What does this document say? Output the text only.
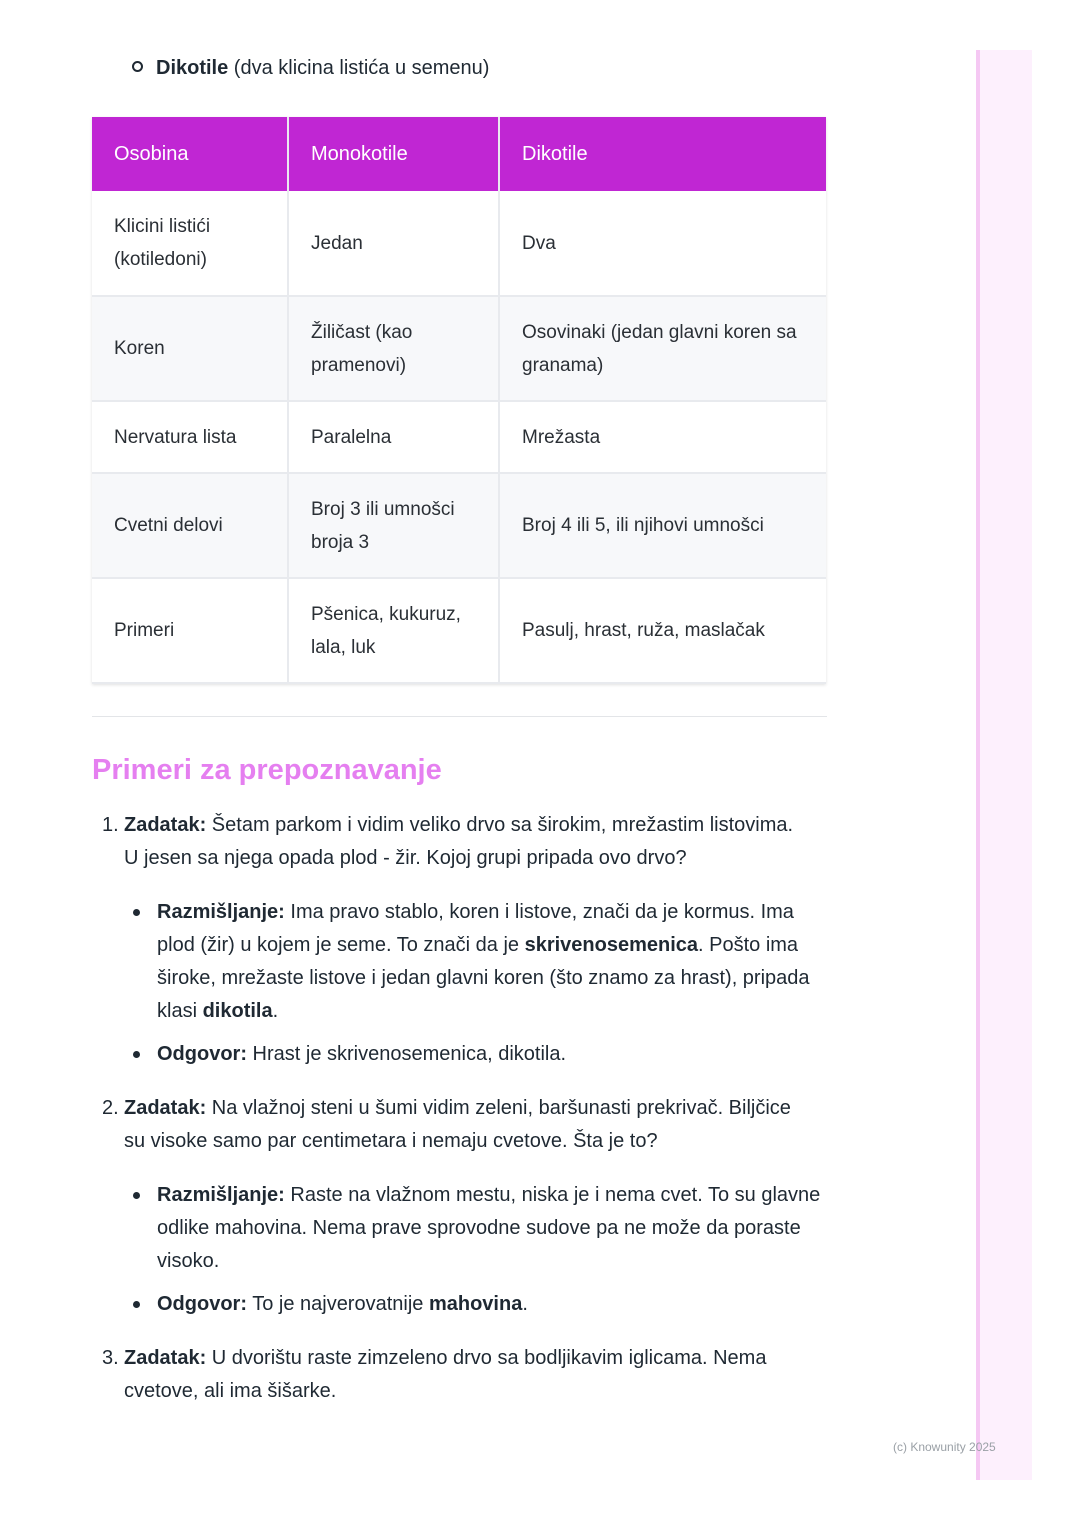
Dikotile (dva klicina listića u semenu)
Osobina	Monokotile	Dikotile
Klicini listići (kotiledoni)	Jedan	Dva
Koren	Žiličast (kao pramenovi)	Osovinaki (jedan glavni koren sa granama)
Nervatura lista	Paralelna	Mrežasta
Cvetni delovi	Broj 3 ili umnošci broja 3	Broj 4 ili 5, ili njihovi umnošci
Primeri	Pšenica, kukuruz, lala, luk	Pasulj, hrast, ruža, maslačak
Primeri za prepoznavanje

1. Zadatak: Šetam parkom i vidim veliko drvo sa širokim, mrežastim listovima.
U jesen sa njega opada plod - žir. Kojoj grupi pripada ovo drvo?

Razmišljanje: Ima pravo stablo, koren i listove, znači da je kormus. Ima plod (žir) u kojem je seme. To znači da je skrivenosemenica. Pošto ima široke, mrežaste listove i jedan glavni koren (što znamo za hrast), pripada klasi dikotila.
Odgovor: Hrast je skrivenosemenica, dikotila.

2. Zadatak: Na vlažnoj steni u šumi vidim zeleni, baršunasti prekrivač. Biljčice
su visoke samo par centimetara i nemaju cvetove. Šta je to?

Razmišljanje: Raste na vlažnom mestu, niska je i nema cvet. To su glavne odlike mahovina. Nema prave sprovodne sudove pa ne može da poraste visoko.
Odgovor: To je najverovatnije mahovina.

3. Zadatak: U dvorištu raste zimzeleno drvo sa bodljikavim iglicama. Nema
cvetove, ali ima šišarke.

(c) Knowunity 2025
